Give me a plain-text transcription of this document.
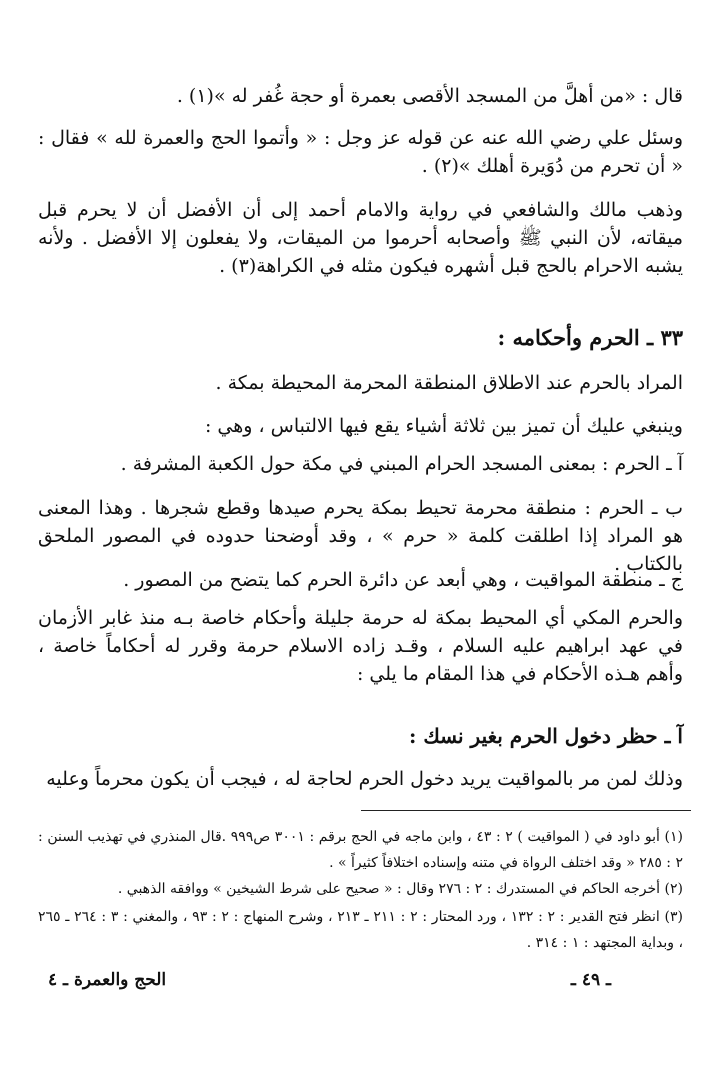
قال : «من أهلَّ من المسجد الأقصى بعمرة أو حجة غُفر له »(١) .

وسئل علي رضي الله عنه عن قوله عز وجل : « وأتموا الحج والعمرة لله » فقال : « أن تحرم من دُوَيرة أهلك »(٢) .

وذهب مالك والشافعي في رواية والامام أحمد إلى أن الأفضل أن لا يحرم قبل ميقاته، لأن النبي ﷺ وأصحابه أحرموا من الميقات، ولا يفعلون إلا الأفضل . ولأنه يشبه الاحرام بالحج قبل أشهره فيكون مثله في الكراهة(٣) .

٣٣ ـ الحرم وأحكامه :

المراد بالحرم عند الاطلاق المنطقة المحرمة المحيطة بمكة .

وينبغي عليك أن تميز بين ثلاثة أشياء يقع فيها الالتباس ، وهي :

آ ـ الحرم : بمعنى المسجد الحرام المبني في مكة حول الكعبة المشرفة .

ب ـ الحرم : منطقة محرمة تحيط بمكة يحرم صيدها وقطع شجرها . وهذا المعنى هو المراد إذا اطلقت كلمة « حرم » ، وقد أوضحنا حدوده في المصور الملحق بالكتاب .

ج ـ منطقة المواقيت ، وهي أبعد عن دائرة الحرم كما يتضح من المصور .

والحرم المكي أي المحيط بمكة له حرمة جليلة وأحكام خاصة بـه منذ غابر الأزمان في عهد ابراهيم عليه السلام ، وقـد زاده الاسلام حرمة وقرر له أحكاماً خاصة ، وأهم هـذه الأحكام في هذا المقام ما يلي :

آ ـ حظر دخول الحرم بغير نسك :

وذلك لمن مر بالمواقيت يريد دخول الحرم لحاجة له ، فيجب أن يكون محرماً وعليه

(١) أبو داود في ( المواقيت ) ٢ : ٤٣ ، وابن ماجه في الحج برقم : ٣٠٠١ ص٩٩٩ .قال المنذري في تهذيب السنن : ٢ : ٢٨٥ « وقد اختلف الرواة في متنه وإسناده اختلافاً كثيراً » .

(٢) أخرجه الحاكم في المستدرك : ٢ : ٢٧٦ وقال : « صحيح على شرط الشيخين » ووافقه الذهبي .

(٣) انظر فتح القدير : ٢ : ١٣٢ ، ورد المحتار : ٢ : ٢١١ ـ ٢١٣ ، وشرح المنهاج : ٢ : ٩٣ ، والمغني : ٣ : ٢٦٤ ـ ٢٦٥ ، وبداية المجتهد : ١ : ٣١٤ .

ـ ٤٩ ـ
الحج والعمرة ـ ٤
